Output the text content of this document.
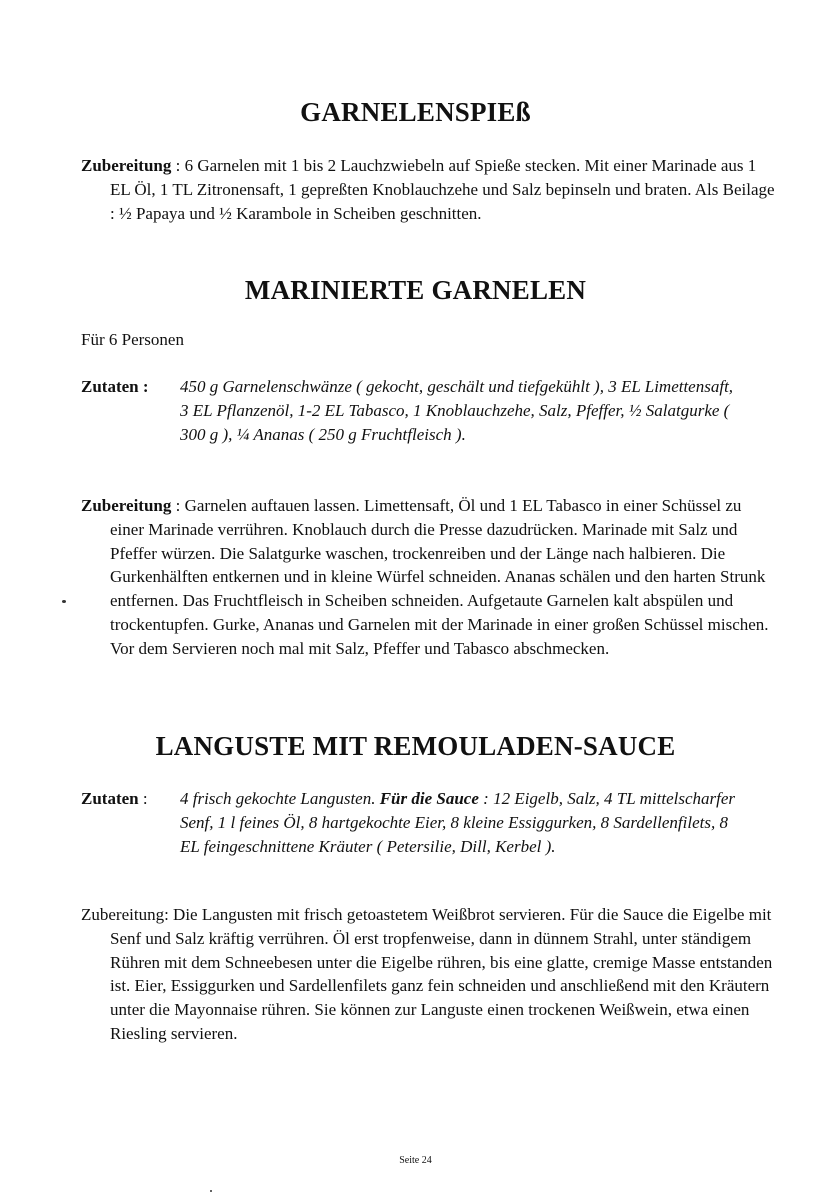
GARNELENSPIEß

Zubereitung : 6 Garnelen mit 1 bis 2 Lauchzwiebeln auf Spieße stecken. Mit einer Marinade aus 1 EL Öl, 1 TL Zitronensaft, 1 gepreßten Knoblauchzehe und Salz bepinseln und braten. Als Beilage : ½ Papaya und ½ Karambole in Scheiben geschnitten.

MARINIERTE GARNELEN

Für 6 Personen

Zutaten : 450 g Garnelenschwänze ( gekocht, geschält und tiefgekühlt ), 3 EL Limettensaft, 3 EL Pflanzenöl, 1-2 EL Tabasco, 1 Knoblauchzehe, Salz, Pfeffer, ½ Salatgurke ( 300 g ), ¼ Ananas ( 250 g Fruchtfleisch ).

Zubereitung : Garnelen auftauen lassen. Limettensaft, Öl und 1 EL Tabasco in einer Schüssel zu einer Marinade verrühren. Knoblauch durch die Presse dazudrücken. Marinade mit Salz und Pfeffer würzen. Die Salatgurke waschen, trockenreiben und der Länge nach halbieren. Die Gurkenhälften entkernen und in kleine Würfel schneiden. Ananas schälen und den harten Strunk entfernen. Das Fruchtfleisch in Scheiben schneiden. Aufgetaute Garnelen kalt abspülen und trockentupfen. Gurke, Ananas und Garnelen mit der Marinade in einer großen Schüssel mischen. Vor dem Servieren noch mal mit Salz, Pfeffer und Tabasco abschmecken.

LANGUSTE MIT REMOULADEN-SAUCE
Zutaten : 4 frisch gekochte Langusten. Für die Sauce : 12 Eigelb, Salz, 4 TL mittelscharfer Senf, 1 l feines Öl, 8 hartgekochte Eier, 8 kleine Essiggurken, 8 Sardellenfilets, 8 EL feingeschnittene Kräuter ( Petersilie, Dill, Kerbel ).

Zubereitung: Die Langusten mit frisch getoastetem Weißbrot servieren. Für die Sauce die Eigelbe mit Senf und Salz kräftig verrühren. Öl erst tropfenweise, dann in dünnem Strahl, unter ständigem Rühren mit dem Schneebesen unter die Eigelbe rühren, bis eine glatte, cremige Masse entstanden ist. Eier, Essiggurken und Sardellenfilets ganz fein schneiden und anschließend mit den Kräutern unter die Mayonnaise rühren. Sie können zur Languste einen trockenen Weißwein, etwa einen Riesling servieren.

Seite 24
